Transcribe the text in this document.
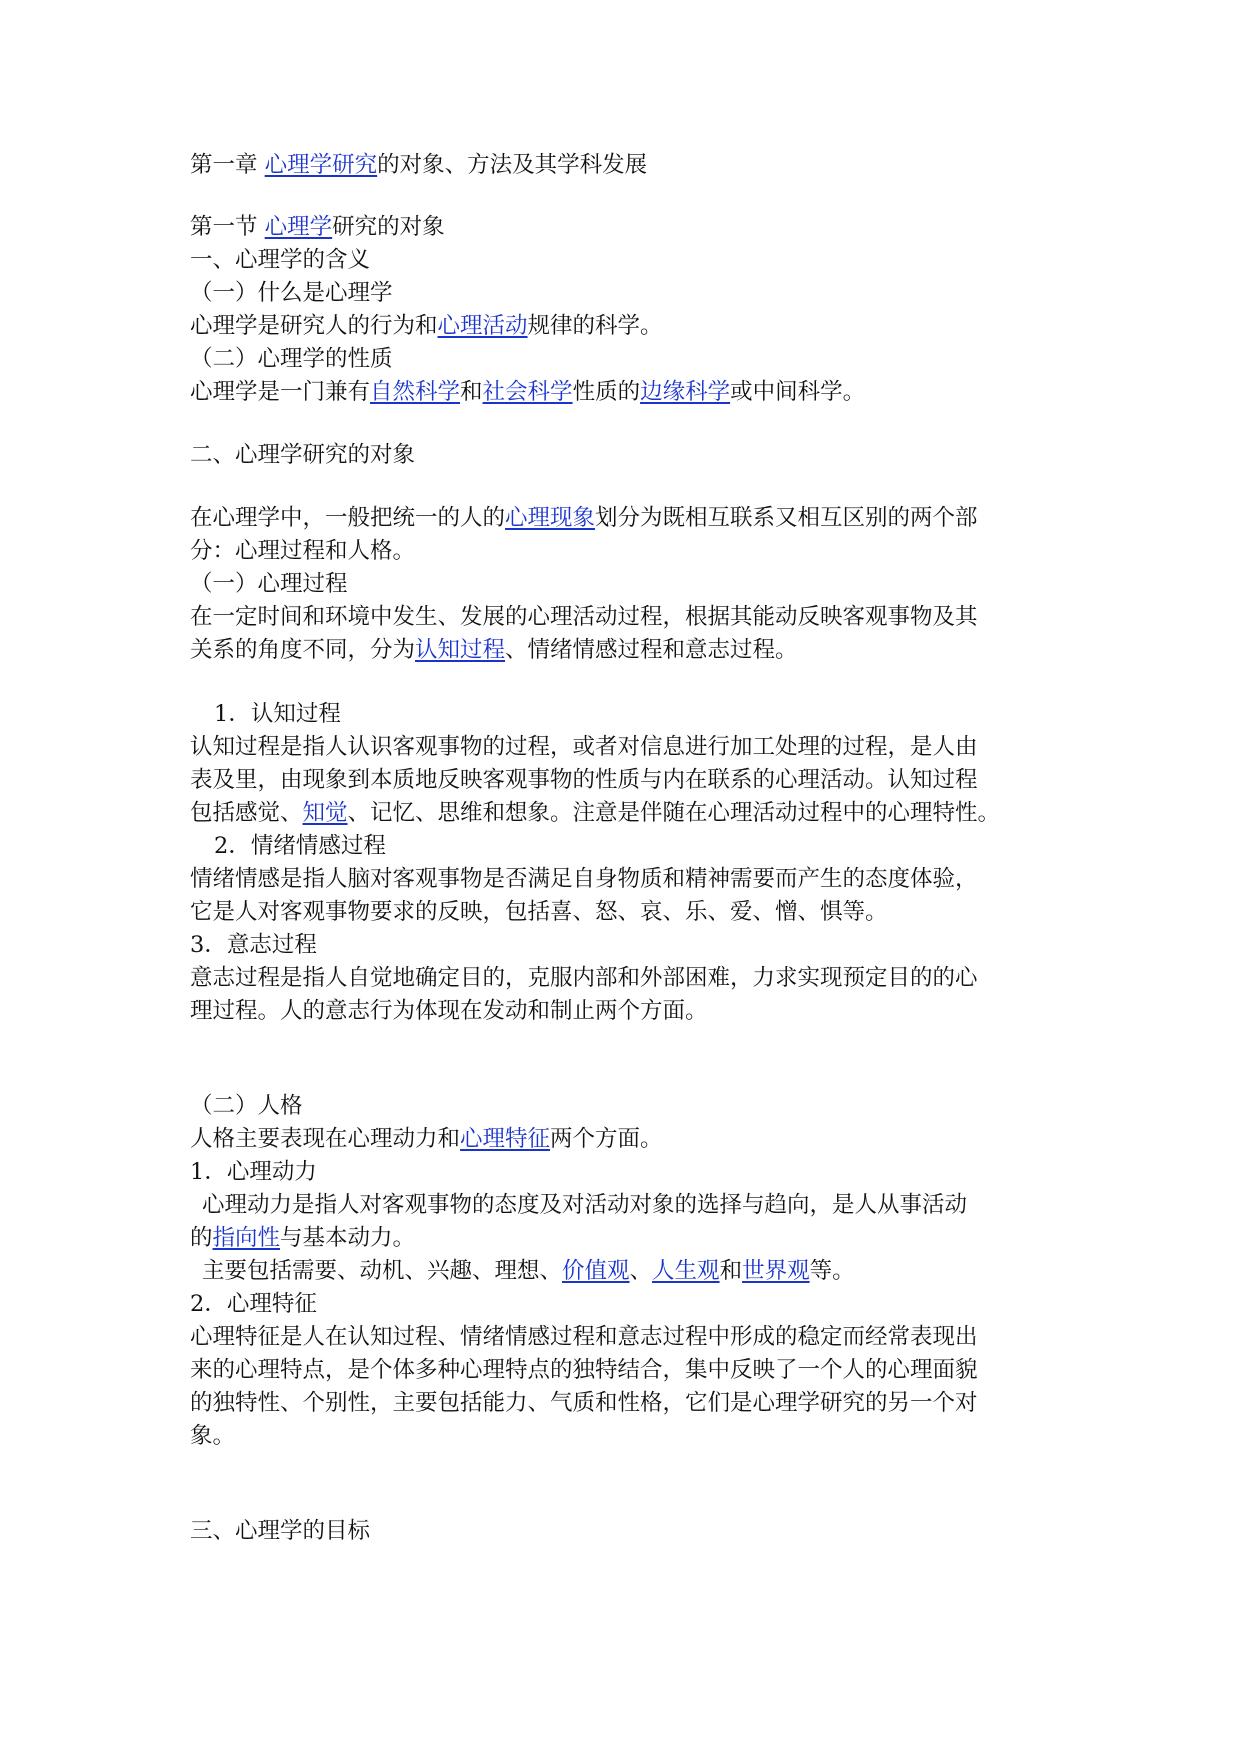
第一章 心理学研究的对象、方法及其学科发展

第一节 心理学研究的对象

一、心理学的含义

（一）什么是心理学

心理学是研究人的行为和心理活动规律的科学。

（二）心理学的性质

心理学是一门兼有自然科学和社会科学性质的边缘科学或中间科学。

二、心理学研究的对象

在心理学中，一般把统一的人的心理现象划分为既相互联系又相互区别的两个部

分：心理过程和人格。

（一）心理过程

在一定时间和环境中发生、发展的心理活动过程，根据其能动反映客观事物及其

关系的角度不同，分为认知过程、情绪情感过程和意志过程。

1．认知过程

认知过程是指人认识客观事物的过程，或者对信息进行加工处理的过程，是人由

表及里，由现象到本质地反映客观事物的性质与内在联系的心理活动。认知过程

包括感觉、知觉、记忆、思维和想象。注意是伴随在心理活动过程中的心理特性。

2．情绪情感过程

情绪情感是指人脑对客观事物是否满足自身物质和精神需要而产生的态度体验，

它是人对客观事物要求的反映，包括喜、怒、哀、乐、爱、憎、惧等。

3．意志过程

意志过程是指人自觉地确定目的，克服内部和外部困难，力求实现预定目的的心

理过程。人的意志行为体现在发动和制止两个方面。

（二）人格

人格主要表现在心理动力和心理特征两个方面。

1．心理动力

心理动力是指人对客观事物的态度及对活动对象的选择与趋向，是人从事活动

的指向性与基本动力。

主要包括需要、动机、兴趣、理想、价值观、人生观和世界观等。

2．心理特征

心理特征是人在认知过程、情绪情感过程和意志过程中形成的稳定而经常表现出

来的心理特点，是个体多种心理特点的独特结合，集中反映了一个人的心理面貌

的独特性、个别性，主要包括能力、气质和性格，它们是心理学研究的另一个对

象。

三、心理学的目标
